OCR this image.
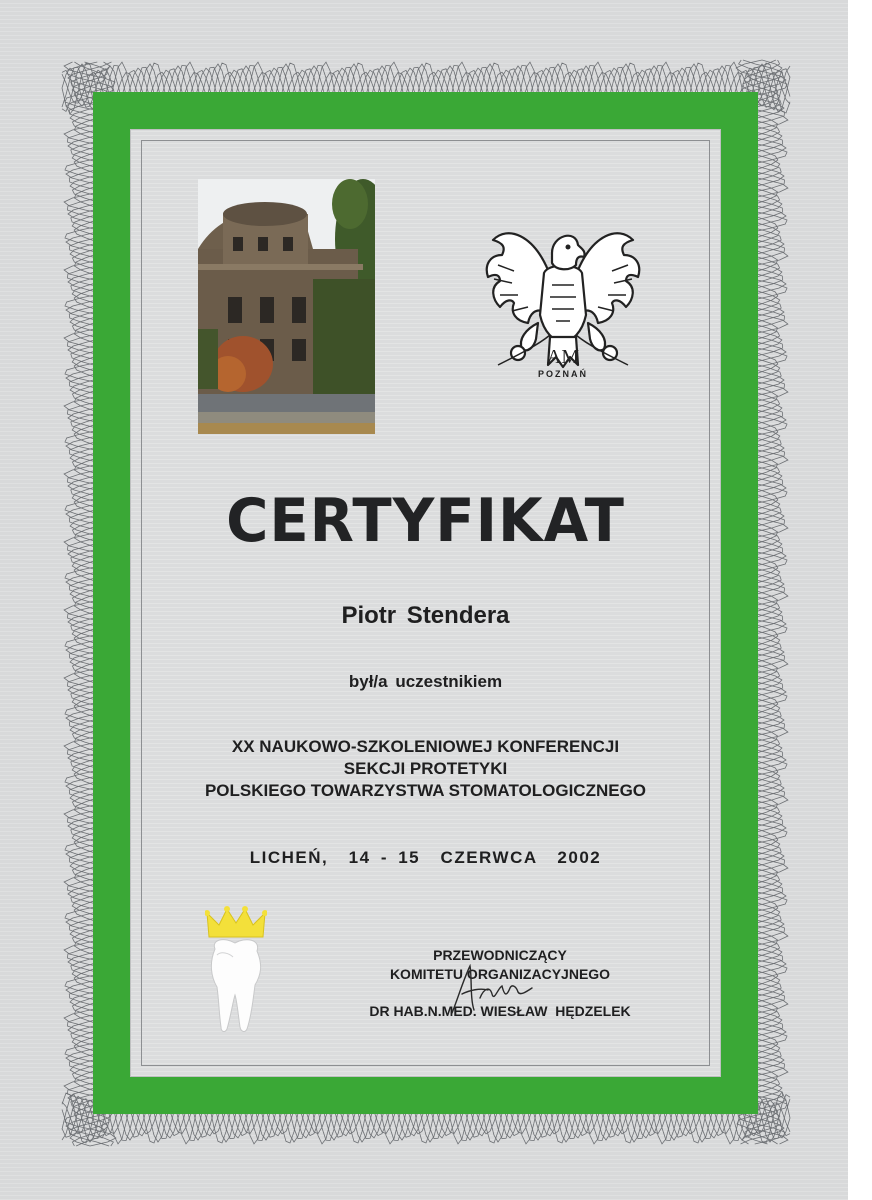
AM
POZNAŃ
CERTYFIKAT
Piotr Stendera
był/a uczestnikiem
XX NAUKOWO-SZKOLENIOWEJ KONFERENCJI
SEKCJI PROTETYKI
POLSKIEGO TOWARZYSTWA STOMATOLOGICZNEGO
LICHEŃ,  14 - 15  CZERWCA  2002
PRZEWODNICZĄCY
KOMITETU ORGANIZACYJNEGO
DR HAB.N.MED. WIESŁAW  HĘDZELEK
